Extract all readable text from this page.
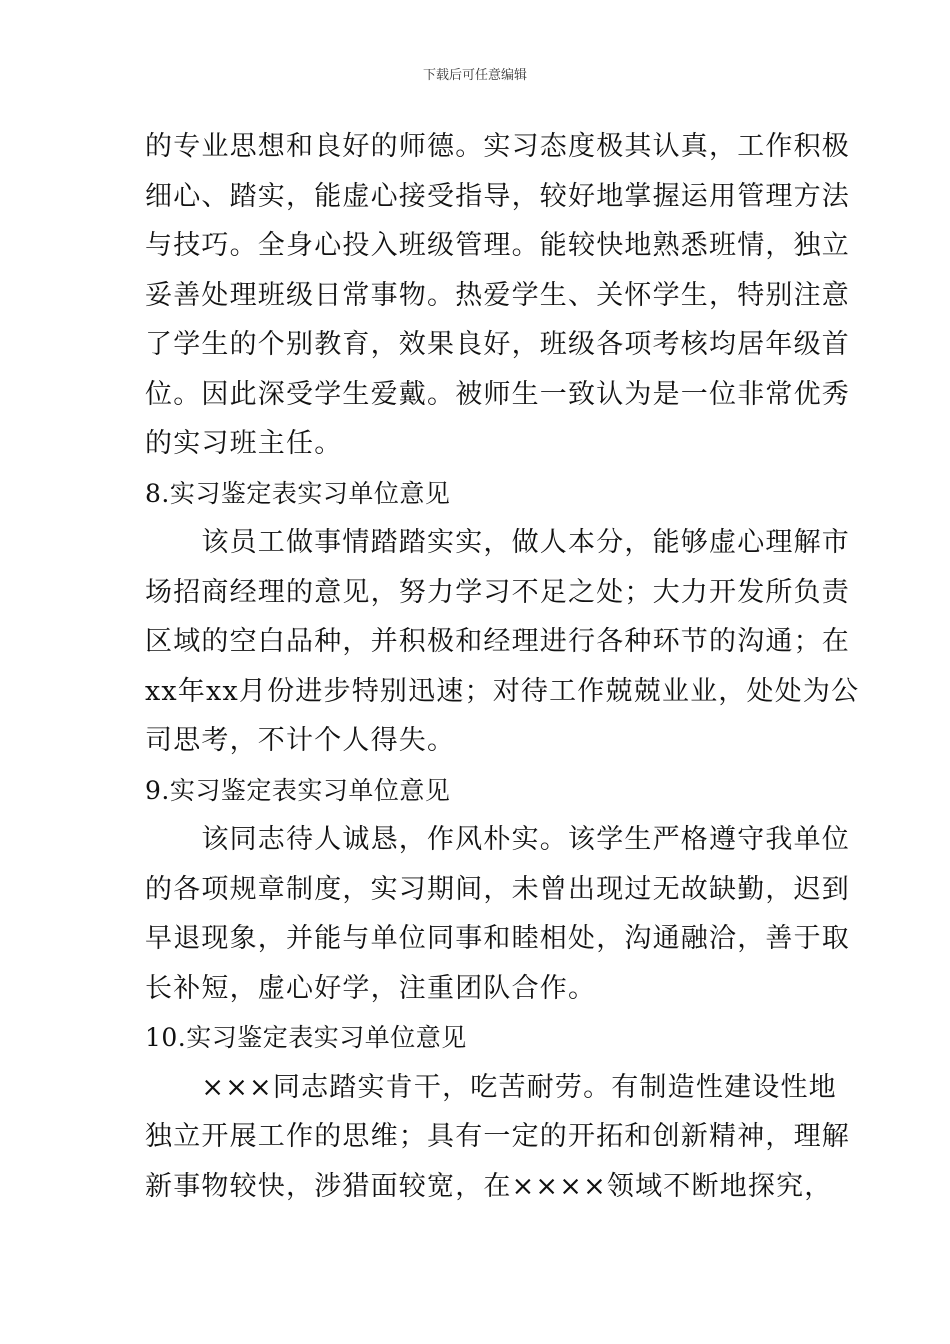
下载后可任意编辑
的专业思想和良好的师德。实习态度极其认真，工作积极
细心、踏实，能虚心接受指导，较好地掌握运用管理方法
与技巧。全身心投入班级管理。能较快地熟悉班情，独立
妥善处理班级日常事物。热爱学生、关怀学生，特别注意
了学生的个别教育，效果良好，班级各项考核均居年级首
位。因此深受学生爱戴。被师生一致认为是一位非常优秀
的实习班主任。
8.实习鉴定表实习单位意见
　　该员工做事情踏踏实实，做人本分，能够虚心理解市
场招商经理的意见，努力学习不足之处；大力开发所负责
区域的空白品种，并积极和经理进行各种环节的沟通；在
xx年xx月份进步特别迅速；对待工作兢兢业业，处处为公
司思考，不计个人得失。
9.实习鉴定表实习单位意见
　　该同志待人诚恳，作风朴实。该学生严格遵守我单位
的各项规章制度，实习期间，未曾出现过无故缺勤，迟到
早退现象，并能与单位同事和睦相处，沟通融洽，善于取
长补短，虚心好学，注重团队合作。
10.实习鉴定表实习单位意见
　　×××同志踏实肯干，吃苦耐劳。有制造性建设性地
独立开展工作的思维；具有一定的开拓和创新精神，理解
新事物较快，涉猎面较宽，在××××领域不断地探究，
